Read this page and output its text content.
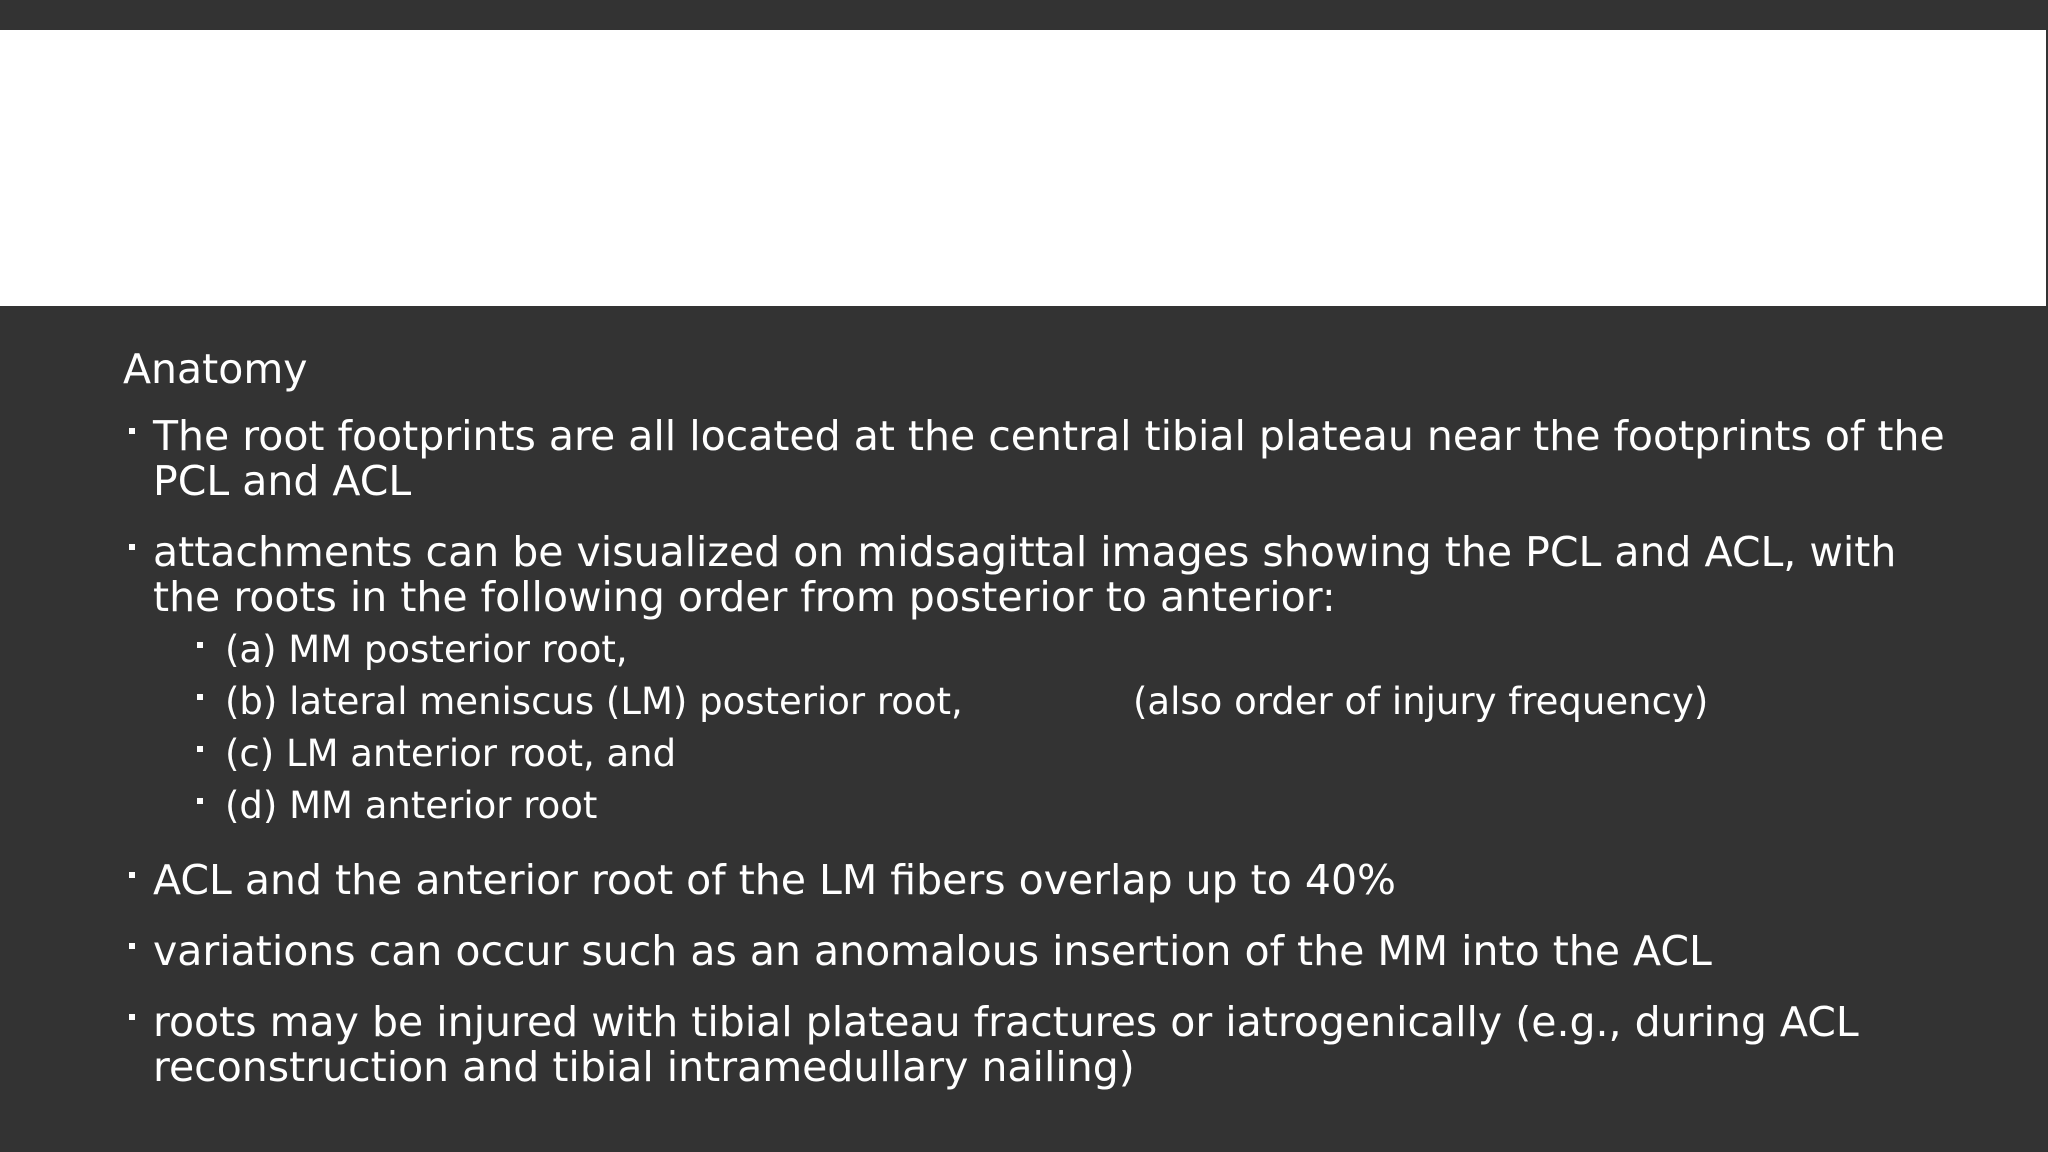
Anatomy
The root footprints are all located at the central tibial plateau near the footprints of the PCL and ACL
attachments can be visualized on midsagittal images showing the PCL and ACL, with the roots in the following order from posterior to anterior:
(a) MM posterior root,
(b) lateral meniscus (LM) posterior root,	(also order of injury frequency)
(c) LM anterior root, and
(d) MM anterior root
ACL and the anterior root of the LM fibers overlap up to 40%
variations can occur such as an anomalous insertion of the MM into the ACL
roots may be injured with tibial plateau fractures or iatrogenically (e.g., during ACL reconstruction and tibial intramedullary nailing)
